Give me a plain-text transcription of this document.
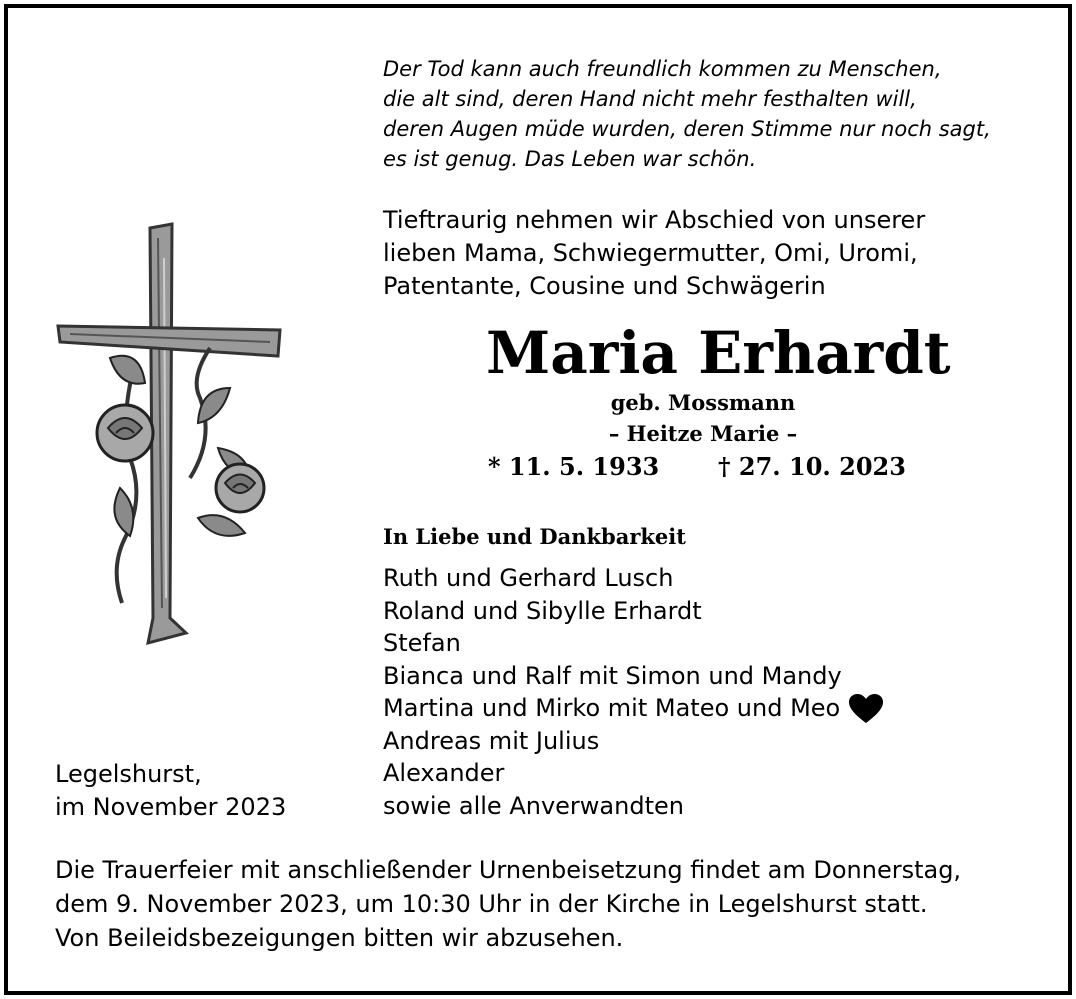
Der Tod kann auch freundlich kommen zu Menschen,
die alt sind, deren Hand nicht mehr festhalten will,
deren Augen müde wurden, deren Stimme nur noch sagt,
es ist genug. Das Leben war schön.
Tieftraurig nehmen wir Abschied von unserer
lieben Mama, Schwiegermutter, Omi, Uromi,
Patentante, Cousine und Schwägerin
Maria Erhardt
geb. Mossmann
– Heitze Marie –
* 11. 5. 1933 † 27. 10. 2023
In Liebe und Dankbarkeit
Ruth und Gerhard Lusch
Roland und Sibylle Erhardt
Stefan
Bianca und Ralf mit Simon und Mandy
Martina und Mirko mit Mateo und Meo
Andreas mit Julius
Alexander
sowie alle Anverwandten
Legelshurst,
im November 2023
Die Trauerfeier mit anschließender Urnenbeisetzung findet am Donnerstag,
dem 9. November 2023, um 10:30 Uhr in der Kirche in Legelshurst statt.
Von Beileidsbezeigungen bitten wir abzusehen.
